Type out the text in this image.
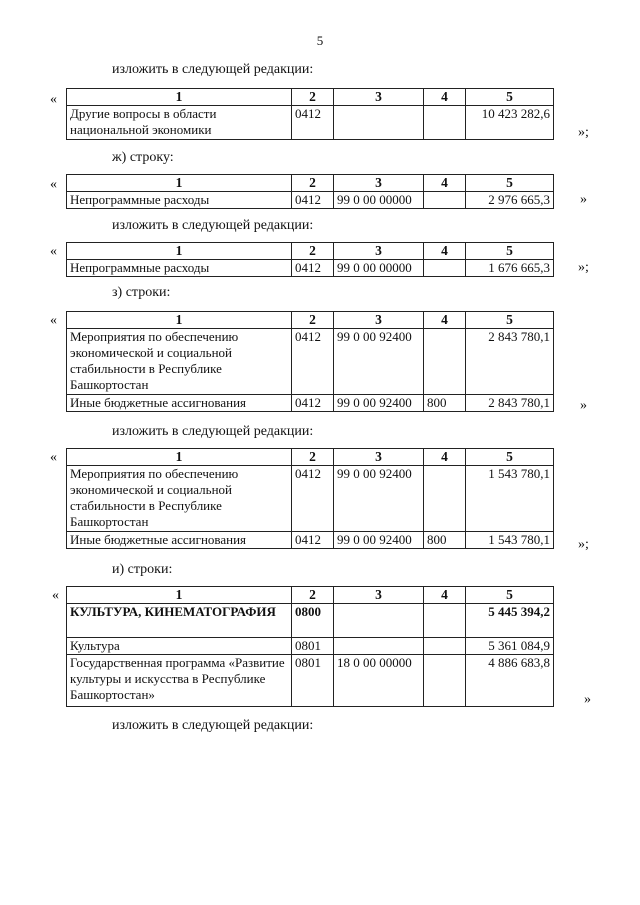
5
изложить в следующей редакции:
«	1	2	3	4	5
Другие вопросы в области национальной экономики	0412			10 423 282,6
»;
ж) строку:
«	1	2	3	4	5
Непрограммные расходы	0412	99 0 00 00000		2 976 665,3 »
изложить в следующей редакции:
«	1	2	3	4	5
Непрограммные расходы	0412	99 0 00 00000		1 676 665,3 »;
з) строки:
«	1	2	3	4	5
Мероприятия по обеспечению экономической и социальной стабильности в Республике Башкортостан	0412	99 0 00 92400		2 843 780,1
Иные бюджетные ассигнования	0412	99 0 00 92400	800	2 843 780,1 »
изложить в следующей редакции:
«	1	2	3	4	5
Мероприятия по обеспечению экономической и социальной стабильности в Республике Башкортостан	0412	99 0 00 92400		1 543 780,1
Иные бюджетные ассигнования	0412	99 0 00 92400	800	1 543 780,1 »;
и) строки:
«	1	2	3	4	5
КУЛЬТУРА, КИНЕМАТОГРАФИЯ	0800			5 445 394,2
Культура	0801			5 361 084,9
Государственная программа «Развитие культуры и искусства в Республике Башкортостан»	0801	18 0 00 00000		4 886 683,8
»
изложить в следующей редакции:
